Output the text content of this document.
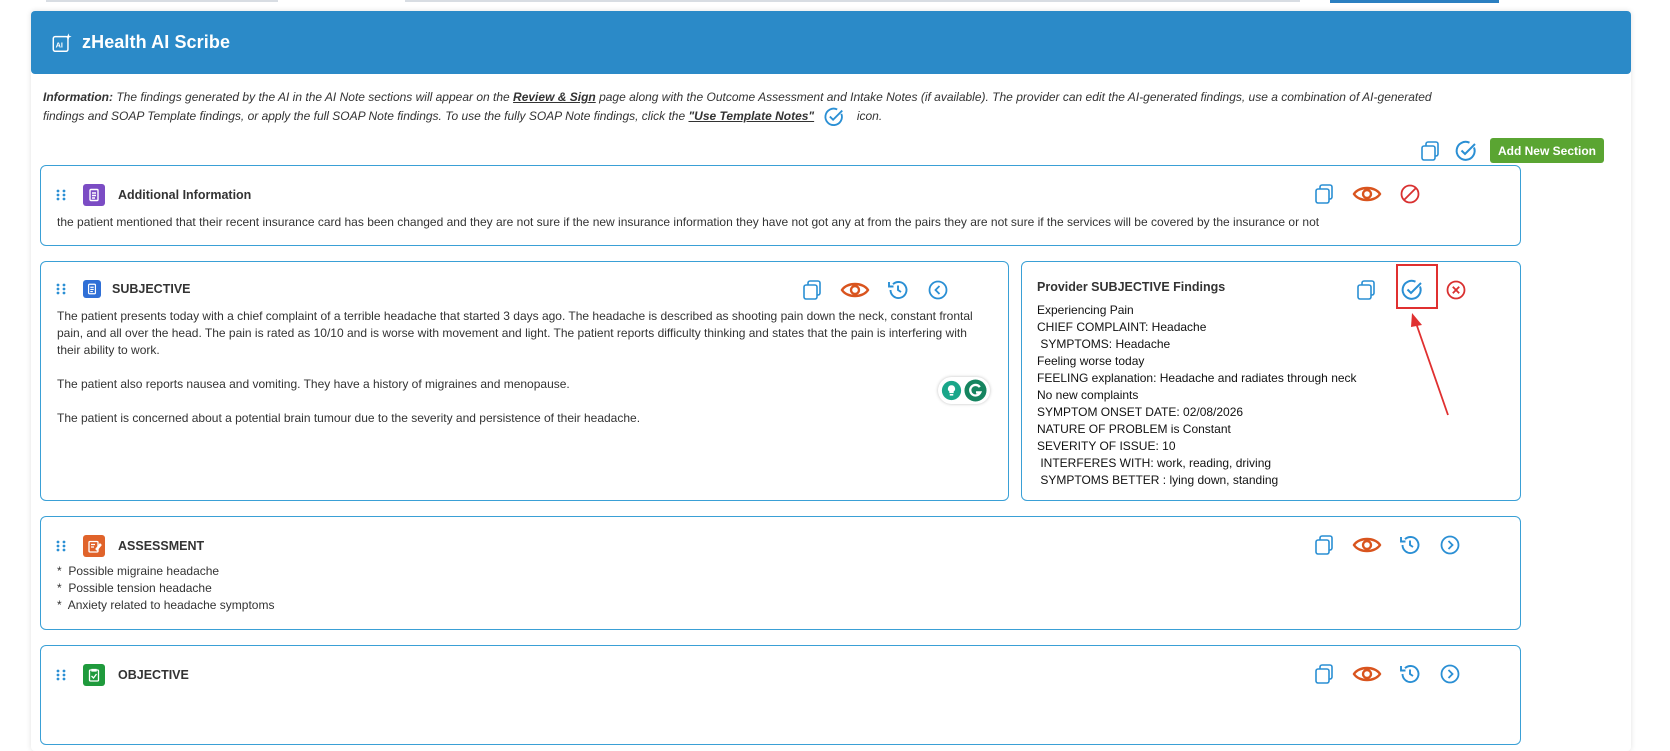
AI zHealth AI Scribe
Information: The findings generated by the AI in the AI Note sections will appear on the Review & Sign page along with the Outcome Assessment and Intake Notes (if available). The provider can edit the AI-generated findings, use a combination of AI-generated findings and SOAP Template findings, or apply the full SOAP Note findings. To use the fully SOAP Note findings, click the "Use Template Notes"	icon.
Add New Section
Additional Information
the patient mentioned that their recent insurance card has been changed and they are not sure if the new insurance information they have not got any at from the pairs they are not sure if the services will be covered by the insurance or not
SUBJECTIVE

The patient presents today with a chief complaint of a terrible headache that started 3 days ago. The headache is described as shooting pain down the neck, constant frontal pain, and all over the head. The pain is rated as 10/10 and is worse with movement and light. The patient reports difficulty thinking and states that the pain is interfering with their ability to work.

The patient also reports nausea and vomiting. They have a history of migraines and menopause.

The patient is concerned about a potential brain tumour due to the severity and persistence of their headache.

Provider SUBJECTIVE Findings
Experiencing Pain
CHIEF COMPLAINT: Headache
SYMPTOMS: Headache
Feeling worse today
FEELING explanation: Headache and radiates through neck
No new complaints
SYMPTOM ONSET DATE: 02/08/2026
NATURE OF PROBLEM is Constant
SEVERITY OF ISSUE: 10
INTERFERES WITH: work, reading, driving
SYMPTOMS BETTER : lying down, standing
ASSESSMENT
*  Possible migraine headache
*  Possible tension headache
*  Anxiety related to headache symptoms
OBJECTIVE
